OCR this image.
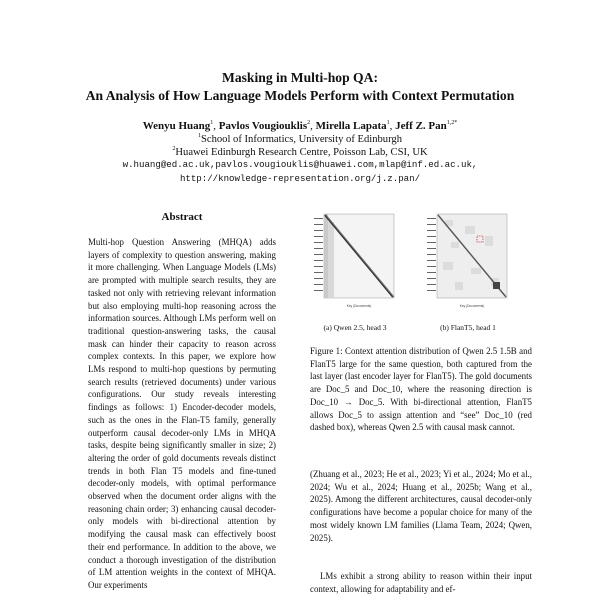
Masking in Multi-hop QA:
An Analysis of How Language Models Perform with Context Permutation
Wenyu Huang$^1$, Pavlos Vougiouklis$^2$, Mirella Lapata$^1$, Jeff Z. Pan$^{1,2*}$
$^1$School of Informatics, University of Edinburgh
$^2$Huawei Edinburgh Research Centre, Poisson Lab, CSI, UK
w.huang@ed.ac.uk,pavlos.vougiouklis@huawei.com,mlap@inf.ed.ac.uk,
http://knowledge-representation.org/j.z.pan/
Abstract
Multi-hop Question Answering (MHQA) adds layers of complexity to question answering, making it more challenging. When Language Models (LMs) are prompted with multiple search results, they are tasked not only with retrieving relevant information but also employing multi-hop reasoning across the information sources. Although LMs perform well on traditional question-answering tasks, the causal mask can hinder their capacity to reason across complex contexts. In this paper, we explore how LMs respond to multi-hop questions by permuting search results (retrieved documents) under various configurations. Our study reveals interesting findings as follows: 1) Encoder-decoder models, such as the ones in the Flan-T5 family, generally outperform causal decoder-only LMs in MHQA tasks, despite being significantly smaller in size; 2) altering the order of gold documents reveals distinct trends in both Flan T5 models and fine-tuned decoder-only models, with optimal performance observed when the document order aligns with the reasoning chain order; 3) enhancing causal decoder-only models with bi-directional attention by modifying the causal mask can effectively boost their end performance. In addition to the above, we conduct a thorough investigation of the distribution of LM attention weights in the context of MHQA. Our experiments
Key (Documents)	Key (Documents)
(a) Qwen 2.5, head 3	(b) FlanT5, head 1
Figure 1: Context attention distribution of Qwen 2.5 1.5B and FlanT5 large for the same question, both captured from the last layer (last encoder layer for FlanT5). The gold documents are Doc_5 and Doc_10, where the reasoning direction is Doc_10 → Doc_5. With bi-directional attention, FlanT5 allows Doc_5 to assign attention and “see” Doc_10 (red dashed box), whereas Qwen 2.5 with causal mask cannot.
(Zhuang et al., 2023; He et al., 2023; Yi et al., 2024; Mo et al., 2024; Wu et al., 2024; Huang et al., 2025b; Wang et al., 2025). Among the different architectures, causal decoder-only configurations have become a popular choice for many of the most widely known LM families (Llama Team, 2024; Qwen, 2025).
LMs exhibit a strong ability to reason within their input context, allowing for adaptability and ef-
